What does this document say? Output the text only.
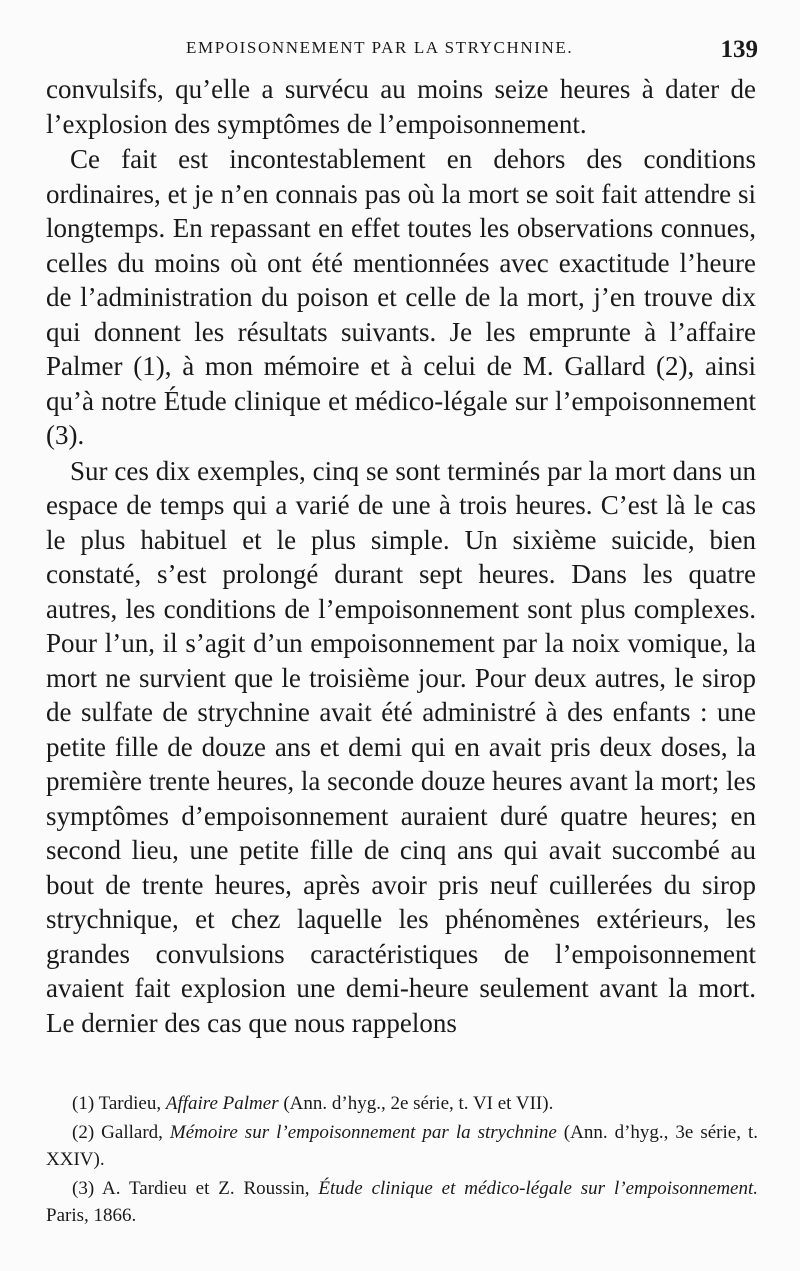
EMPOISONNEMENT PAR LA STRYCHNINE.	139

convulsifs, qu’elle a survécu au moins seize heures à dater de l’explosion des symptômes de l’empoisonnement.

Ce fait est incontestablement en dehors des conditions ordinaires, et je n’en connais pas où la mort se soit fait attendre si longtemps. En repassant en effet toutes les observations connues, celles du moins où ont été mentionnées avec exactitude l’heure de l’administration du poison et celle de la mort, j’en trouve dix qui donnent les résultats suivants. Je les emprunte à l’affaire Palmer (1), à mon mémoire et à celui de M. Gallard (2), ainsi qu’à notre Étude clinique et médico-légale sur l’empoisonnement (3).

Sur ces dix exemples, cinq se sont terminés par la mort dans un espace de temps qui a varié de une à trois heures. C’est là le cas le plus habituel et le plus simple. Un sixième suicide, bien constaté, s’est prolongé durant sept heures. Dans les quatre autres, les conditions de l’empoisonnement sont plus complexes. Pour l’un, il s’agit d’un empoisonnement par la noix vomique, la mort ne survient que le troisième jour. Pour deux autres, le sirop de sulfate de strychnine avait été administré à des enfants : une petite fille de douze ans et demi qui en avait pris deux doses, la première trente heures, la seconde douze heures avant la mort; les symptômes d’empoisonnement auraient duré quatre heures; en second lieu, une petite fille de cinq ans qui avait succombé au bout de trente heures, après avoir pris neuf cuillerées du sirop strychnique, et chez laquelle les phénomènes extérieurs, les grandes convulsions caractéristiques de l’empoisonnement avaient fait explosion une demi-heure seulement avant la mort. Le dernier des cas que nous rappelons

(1) Tardieu, Affaire Palmer (Ann. d’hyg., 2e série, t. VI et VII).

(2) Gallard, Mémoire sur l’empoisonnement par la strychnine (Ann. d’hyg., 3e série, t. XXIV).

(3) A. Tardieu et Z. Roussin, Étude clinique et médico-légale sur l’empoisonnement. Paris, 1866.
